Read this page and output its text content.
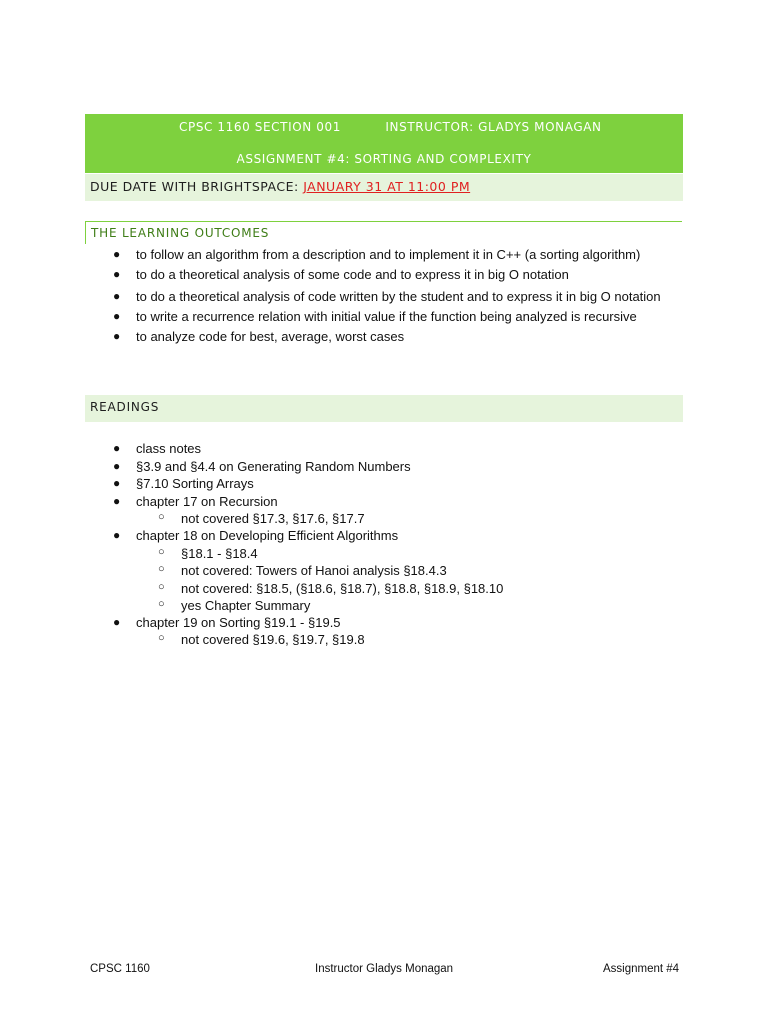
CPSC 1160 SECTION 001	INSTRUCTOR: GLADYS MONAGAN
ASSIGNMENT #4: SORTING AND COMPLEXITY
DUE DATE WITH BRIGHTSPACE: JANUARY 31 AT 11:00 PM
THE LEARNING OUTCOMES
● to follow an algorithm from a description and to implement it in C++ (a sorting algorithm)
● to do a theoretical analysis of some code and to express it in big O notation
● to do a theoretical analysis of code written by the student and to express it in big O notation
● to write a recurrence relation with initial value if the function being analyzed is recursive
● to analyze code for best, average, worst cases
READINGS
● class notes
● §3.9 and §4.4 on Generating Random Numbers
● §7.10 Sorting Arrays
● chapter 17 on Recursion
○ not covered §17.3, §17.6, §17.7
● chapter 18 on Developing Efficient Algorithms
○ §18.1 - §18.4
○ not covered: Towers of Hanoi analysis §18.4.3
○ not covered: §18.5, (§18.6, §18.7), §18.8, §18.9, §18.10
○ yes Chapter Summary
● chapter 19 on Sorting §19.1 - §19.5
○ not covered §19.6, §19.7, §19.8
CPSC 1160	Instructor Gladys Monagan	Assignment #4
